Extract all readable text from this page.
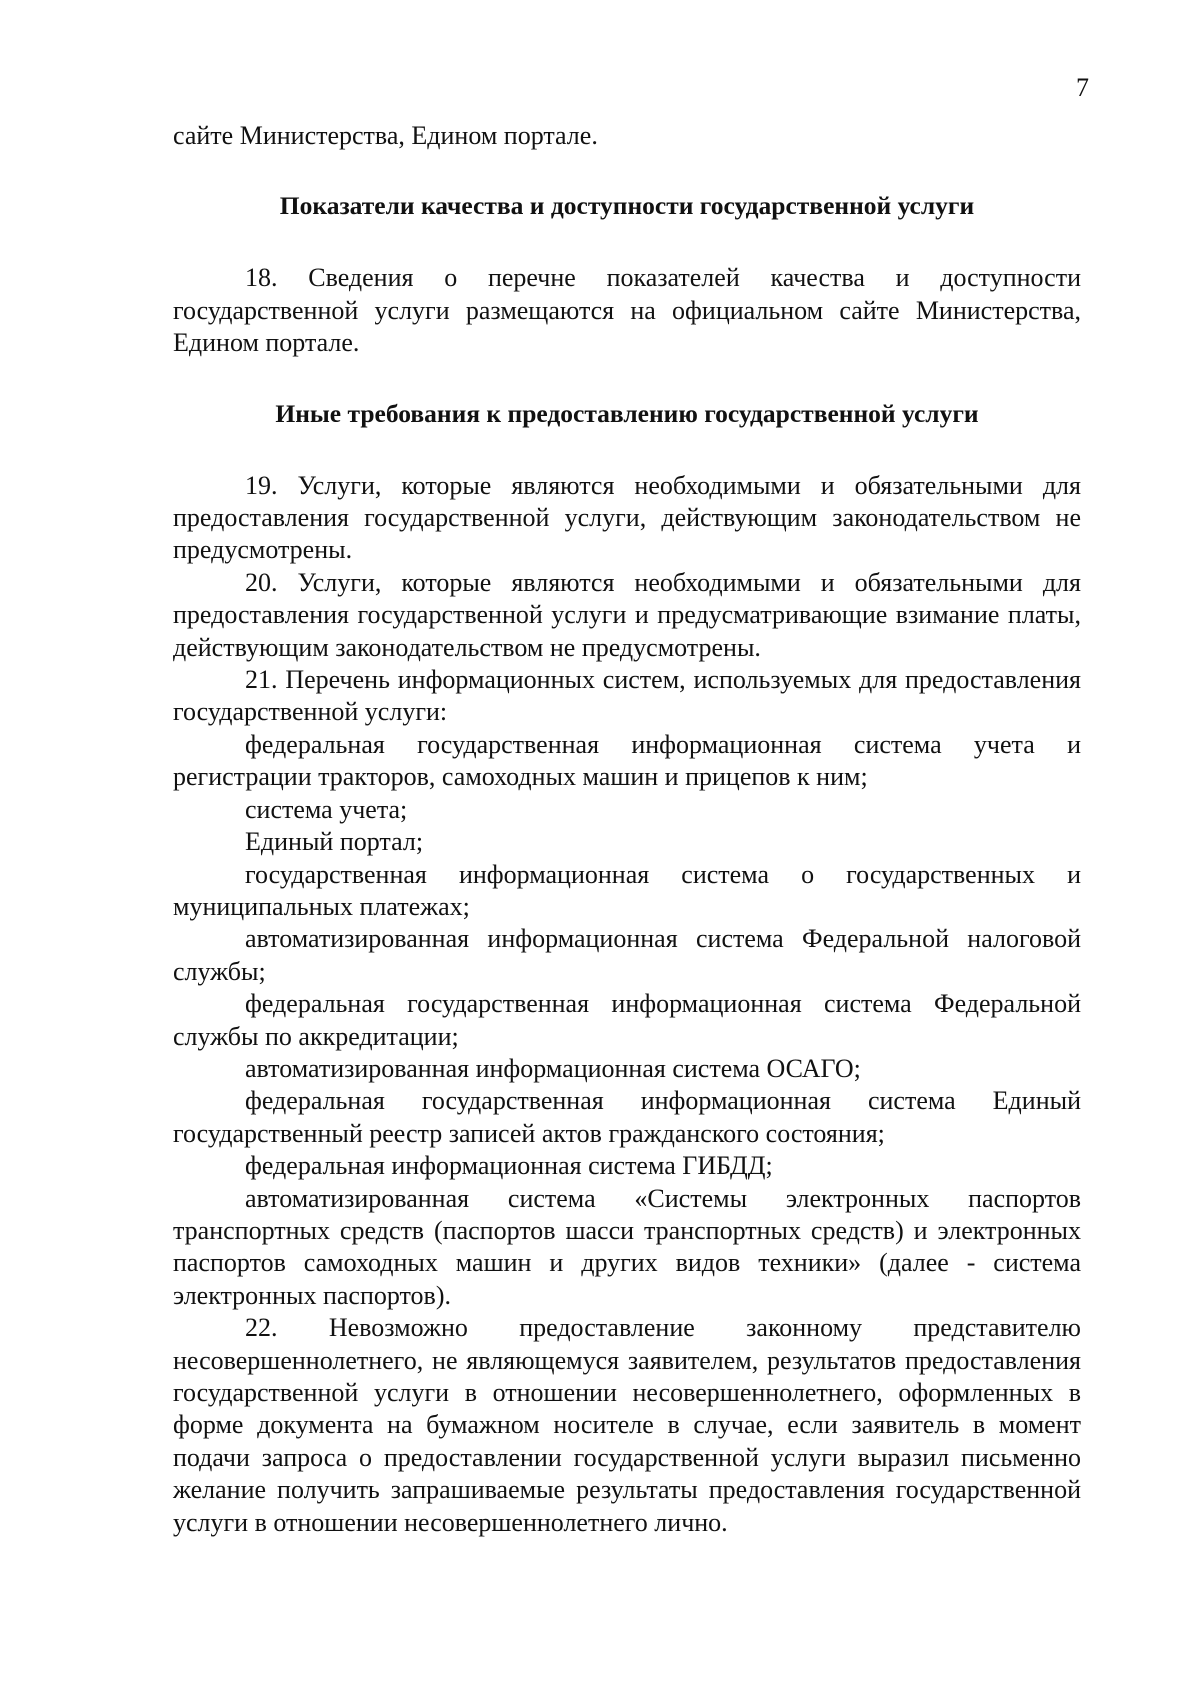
7

сайте Министерства, Едином портале.

Показатели качества и доступности государственной услуги

18. Сведения о перечне показателей качества и доступности государственной услуги размещаются на официальном сайте Министерства, Едином портале.

Иные требования к предоставлению государственной услуги

19. Услуги, которые являются необходимыми и обязательными для предоставления государственной услуги, действующим законодательством не предусмотрены.

20. Услуги, которые являются необходимыми и обязательными для предоставления государственной услуги и предусматривающие взимание платы, действующим законодательством не предусмотрены.

21. Перечень информационных систем, используемых для предоставления государственной услуги:

федеральная государственная информационная система учета и регистрации тракторов, самоходных машин и прицепов к ним;

система учета;

Единый портал;

государственная информационная система о государственных и муниципальных платежах;

автоматизированная информационная система Федеральной налоговой службы;

федеральная государственная информационная система Федеральной службы по аккредитации;

автоматизированная информационная система ОСАГО;

федеральная государственная информационная система Единый государственный реестр записей актов гражданского состояния;

федеральная информационная система ГИБДД;

автоматизированная система «Системы электронных паспортов транспортных средств (паспортов шасси транспортных средств) и электронных паспортов самоходных машин и других видов техники» (далее - система электронных паспортов).

22. Невозможно предоставление законному представителю несовершеннолетнего, не являющемуся заявителем, результатов предоставления государственной услуги в отношении несовершеннолетнего, оформленных в форме документа на бумажном носителе в случае, если заявитель в момент подачи запроса о предоставлении государственной услуги выразил письменно желание получить запрашиваемые результаты предоставления государственной услуги в отношении несовершеннолетнего лично.
